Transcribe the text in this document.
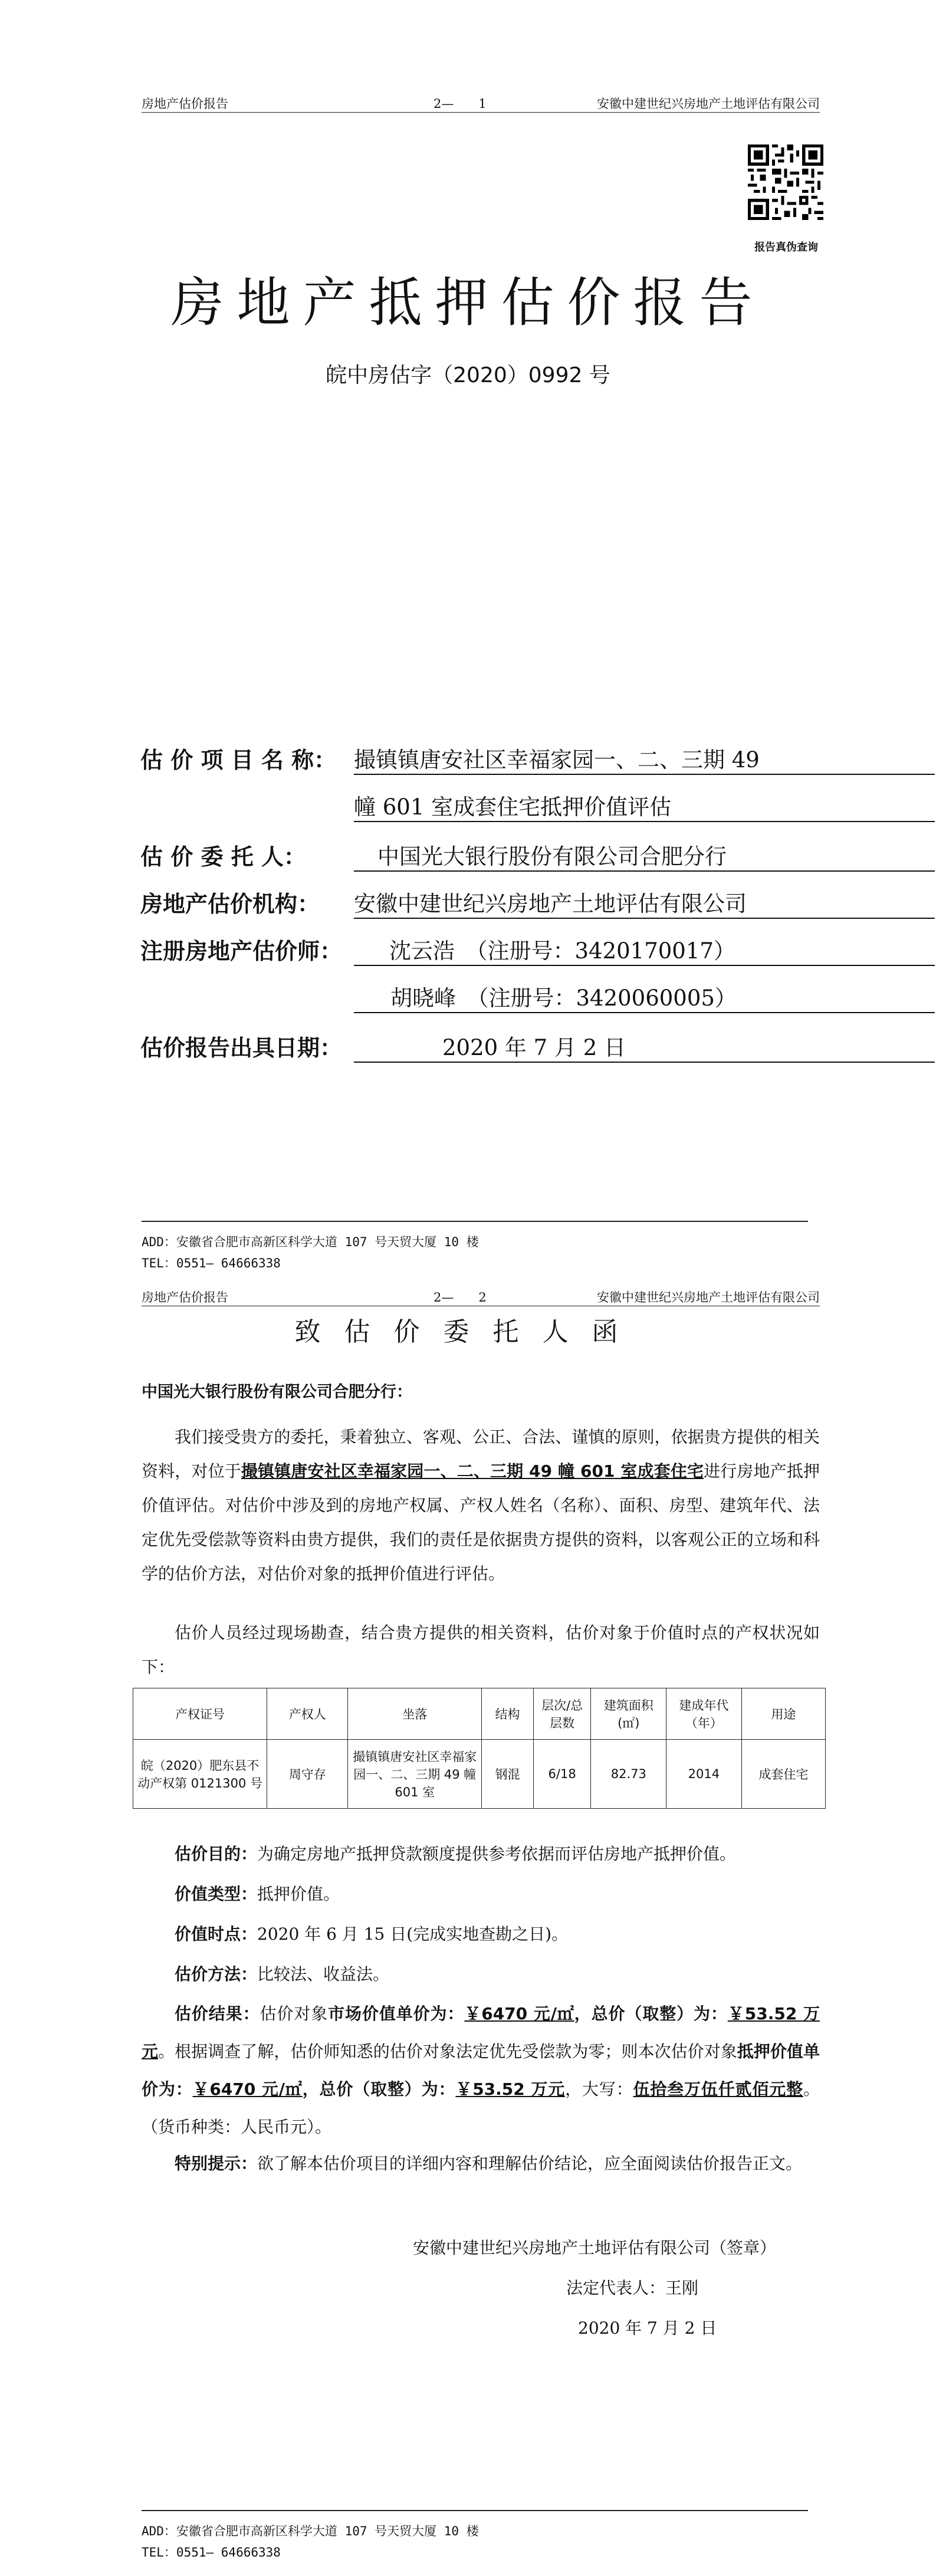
房地产估价报告	2—　　1	安徽中建世纪兴房地产土地评估有限公司
报告真伪查询
房地产抵押估价报告
皖中房估字（2020）0992 号
估 价 项 目 名 称： 撮镇镇唐安社区幸福家园一、二、三期 49
幢 601 室成套住宅抵押价值评估
估 价 委 托 人：	中国光大银行股份有限公司合肥分行
房地产估价机构：	安徽中建世纪兴房地产土地评估有限公司
注册房地产估价师：	沈云浩　（注册号：3420170017）
胡晓峰　（注册号：3420060005）
估价报告出具日期：	2020 年 7 月 2 日
ADD：安徽省合肥市高新区科学大道 107 号天贸大厦 10 楼
TEL：0551— 64666338
房地产估价报告	2—　　2	安徽中建世纪兴房地产土地评估有限公司
致估价委托人函
中国光大银行股份有限公司合肥分行：
我们接受贵方的委托，秉着独立、客观、公正、合法、谨慎的原则，依据贵方提供的相关资料，对位于撮镇镇唐安社区幸福家园一、二、三期 49 幢 601 室成套住宅进行房地产抵押价值评估。对估价中涉及到的房地产权属、产权人姓名（名称）、面积、房型、建筑年代、法定优先受偿款等资料由贵方提供，我们的责任是依据贵方提供的资料，以客观公正的立场和科学的估价方法，对估价对象的抵押价值进行评估。
估价人员经过现场勘查，结合贵方提供的相关资料，估价对象于价值时点的产权状况如下：
产权证号	产权人	坐落	结构	层次/总层数	建筑面积(㎡)	建成年代（年）	用途
皖（2020）肥东县不动产权第 0121300 号	周守存	撮镇镇唐安社区幸福家园一、二、三期 49 幢 601 室	钢混	6/18	82.73	2014	成套住宅
估价目的：为确定房地产抵押贷款额度提供参考依据而评估房地产抵押价值。
价值类型：抵押价值。
价值时点：2020 年 6 月 15 日(完成实地查勘之日)。
估价方法：比较法、收益法。
估价结果：估价对象市场价值单价为：￥6470 元/㎡，总价（取整）为：￥53.52 万元。根据调查了解，估价师知悉的估价对象法定优先受偿款为零；则本次估价对象抵押价值单价为：￥6470 元/㎡，总价（取整）为：￥53.52 万元，大写：伍拾叁万伍仟贰佰元整。（货币种类：人民币元）。
特别提示：欲了解本估价项目的详细内容和理解估价结论，应全面阅读估价报告正文。
安徽中建世纪兴房地产土地评估有限公司（签章）
法定代表人：王刚
2020 年 7 月 2 日
ADD：安徽省合肥市高新区科学大道 107 号天贸大厦 10 楼
TEL：0551— 64666338
